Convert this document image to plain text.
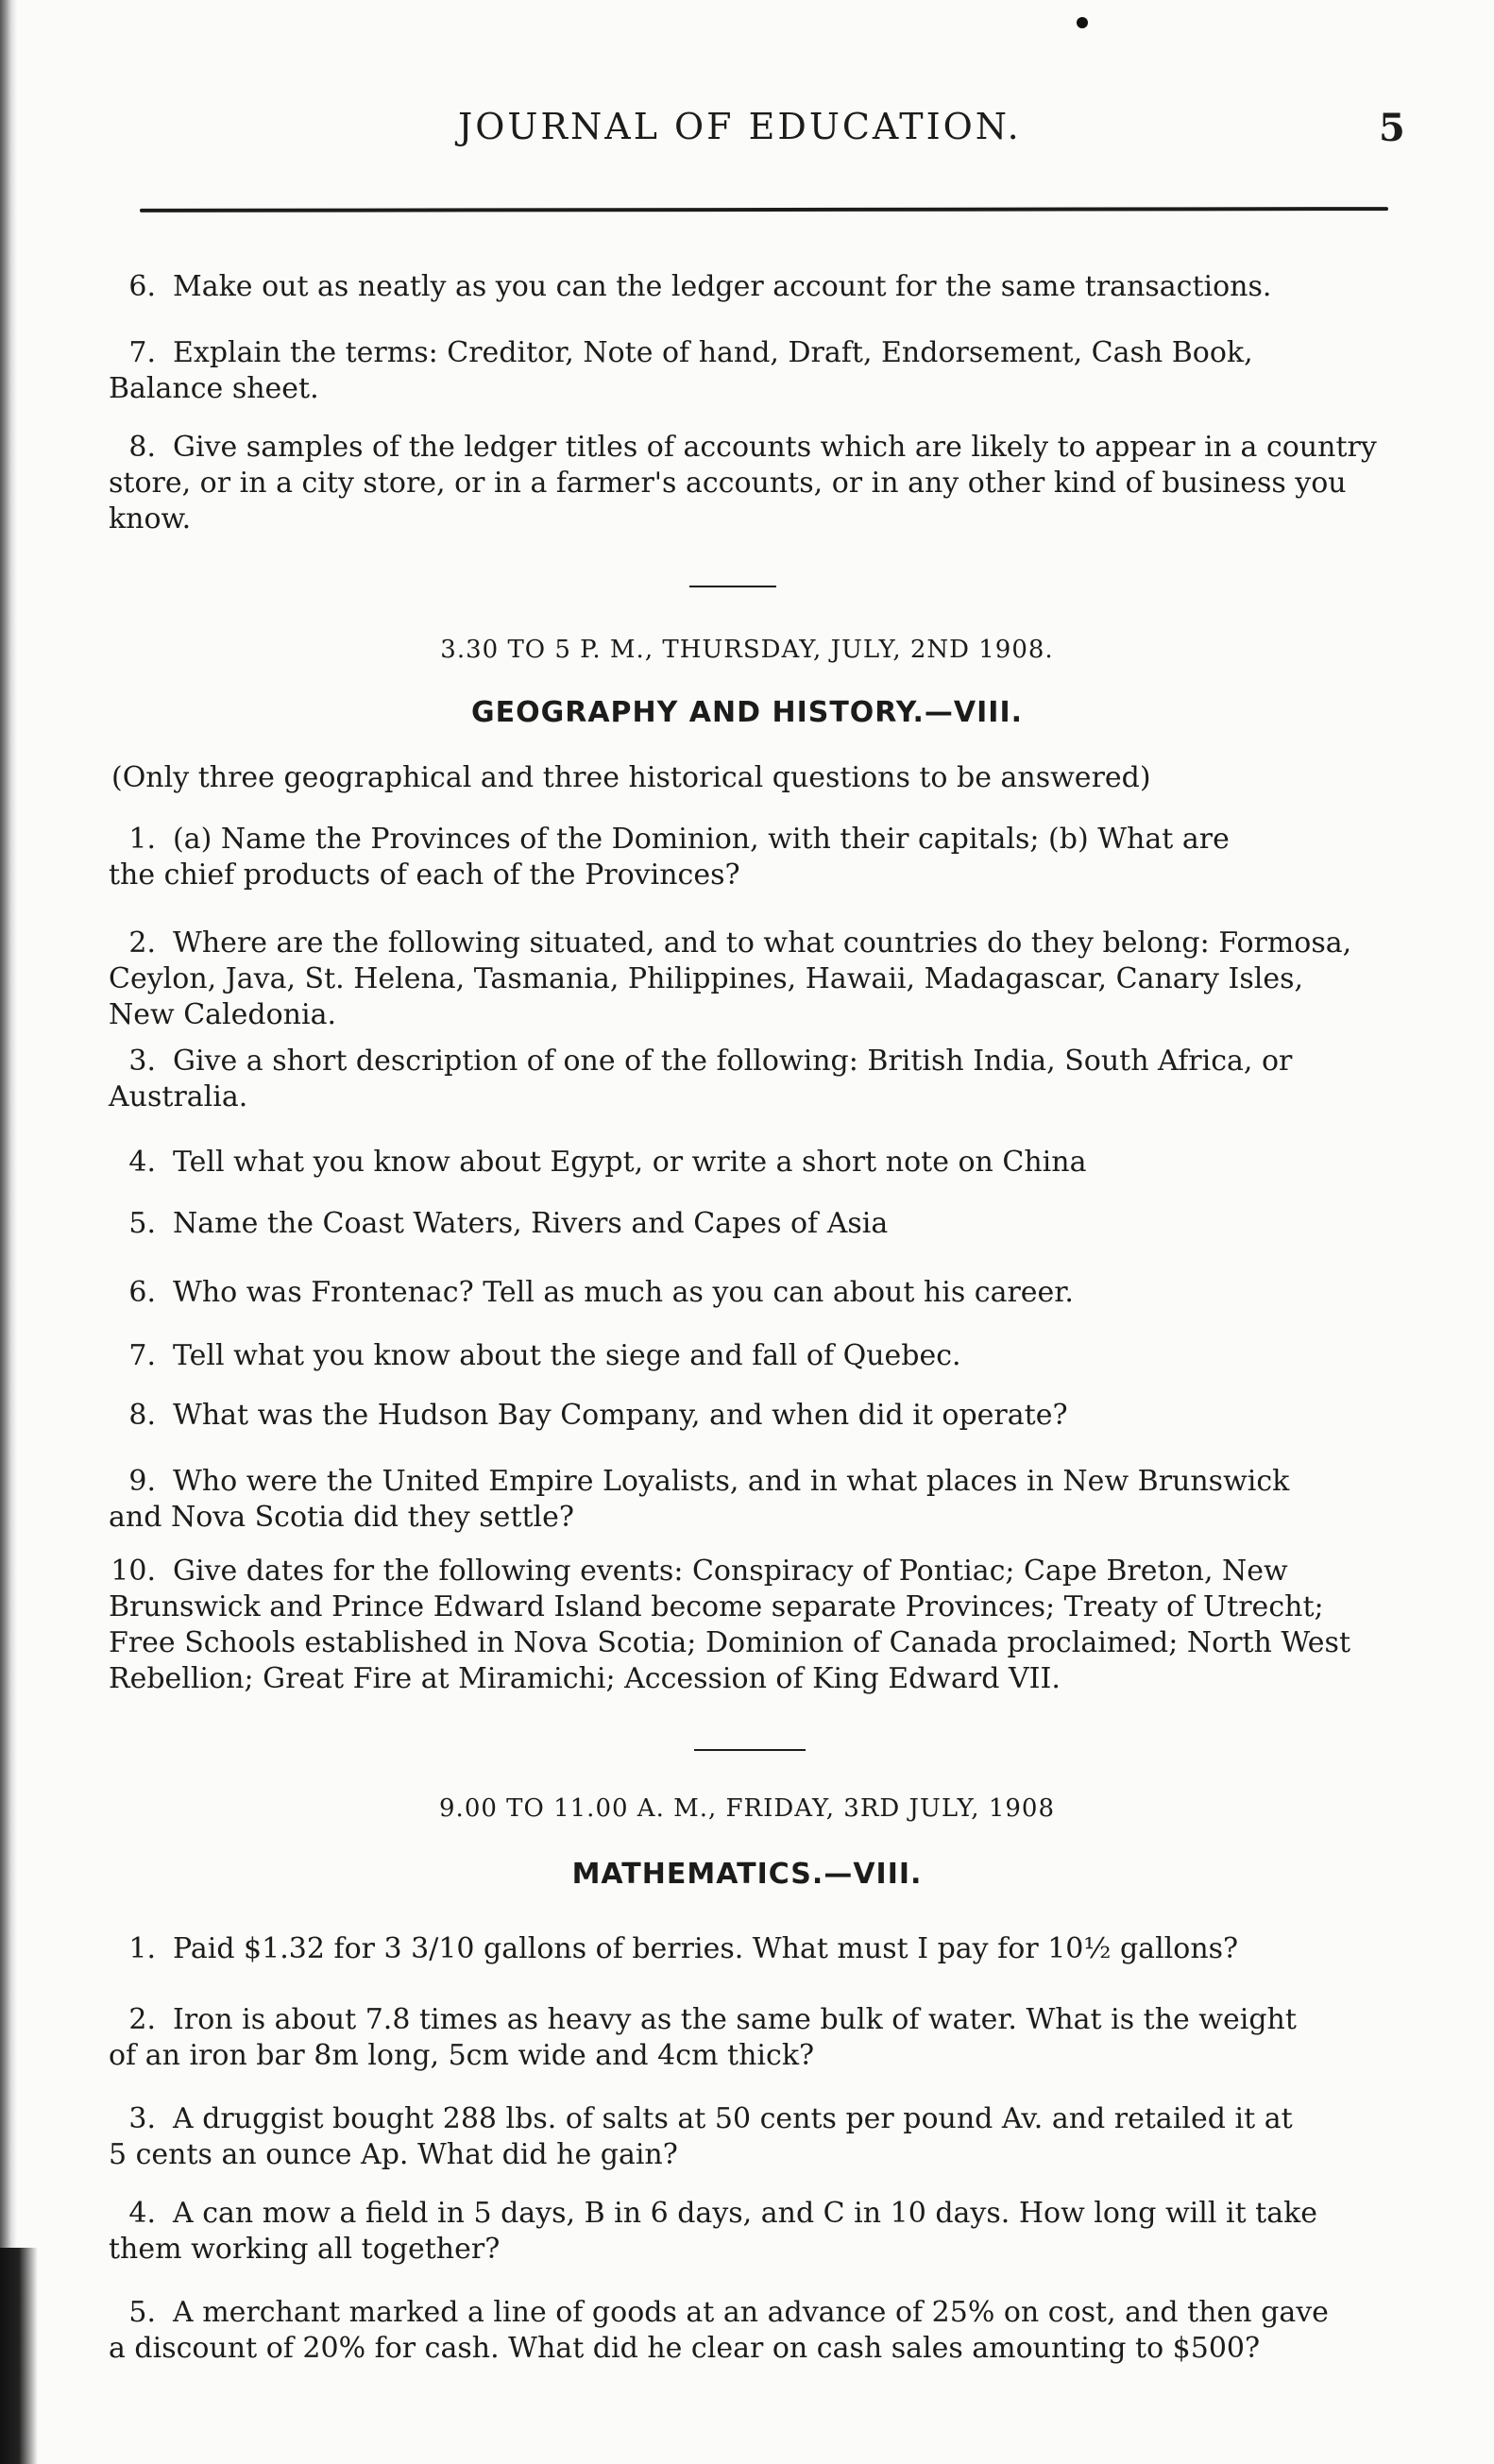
JOURNAL OF EDUCATION.	5
6. Make out as neatly as you can the ledger account for the same transactions.
7. Explain the terms: Creditor, Note of hand, Draft, Endorsement, Cash Book,
Balance sheet.
8. Give samples of the ledger titles of accounts which are likely to appear in a country
store, or in a city store, or in a farmer's accounts, or in any other kind of business you
know.
3.30 TO 5 P. M., THURSDAY, JULY, 2ND 1908.
GEOGRAPHY AND HISTORY.—VIII.
(Only three geographical and three historical questions to be answered)
1. (a) Name the Provinces of the Dominion, with their capitals; (b) What are
the chief products of each of the Provinces?
2. Where are the following situated, and to what countries do they belong: Formosa,
Ceylon, Java, St. Helena, Tasmania, Philippines, Hawaii, Madagascar, Canary Isles,
New Caledonia.
3. Give a short description of one of the following: British India, South Africa, or
Australia.
4. Tell what you know about Egypt, or write a short note on China
5. Name the Coast Waters, Rivers and Capes of Asia
6. Who was Frontenac? Tell as much as you can about his career.
7. Tell what you know about the siege and fall of Quebec.
8. What was the Hudson Bay Company, and when did it operate?
9. Who were the United Empire Loyalists, and in what places in New Brunswick
and Nova Scotia did they settle?
10. Give dates for the following events: Conspiracy of Pontiac; Cape Breton, New
Brunswick and Prince Edward Island become separate Provinces; Treaty of Utrecht;
Free Schools established in Nova Scotia; Dominion of Canada proclaimed; North West
Rebellion; Great Fire at Miramichi; Accession of King Edward VII.
9.00 TO 11.00 A. M., FRIDAY, 3RD JULY, 1908
MATHEMATICS.—VIII.
1. Paid $1.32 for 3 3/10 gallons of berries. What must I pay for 10½ gallons?
2. Iron is about 7.8 times as heavy as the same bulk of water. What is the weight
of an iron bar 8m long, 5cm wide and 4cm thick?
3. A druggist bought 288 lbs. of salts at 50 cents per pound Av. and retailed it at
5 cents an ounce Ap. What did he gain?
4. A can mow a field in 5 days, B in 6 days, and C in 10 days. How long will it take
them working all together?
5. A merchant marked a line of goods at an advance of 25% on cost, and then gave
a discount of 20% for cash. What did he clear on cash sales amounting to $500?
